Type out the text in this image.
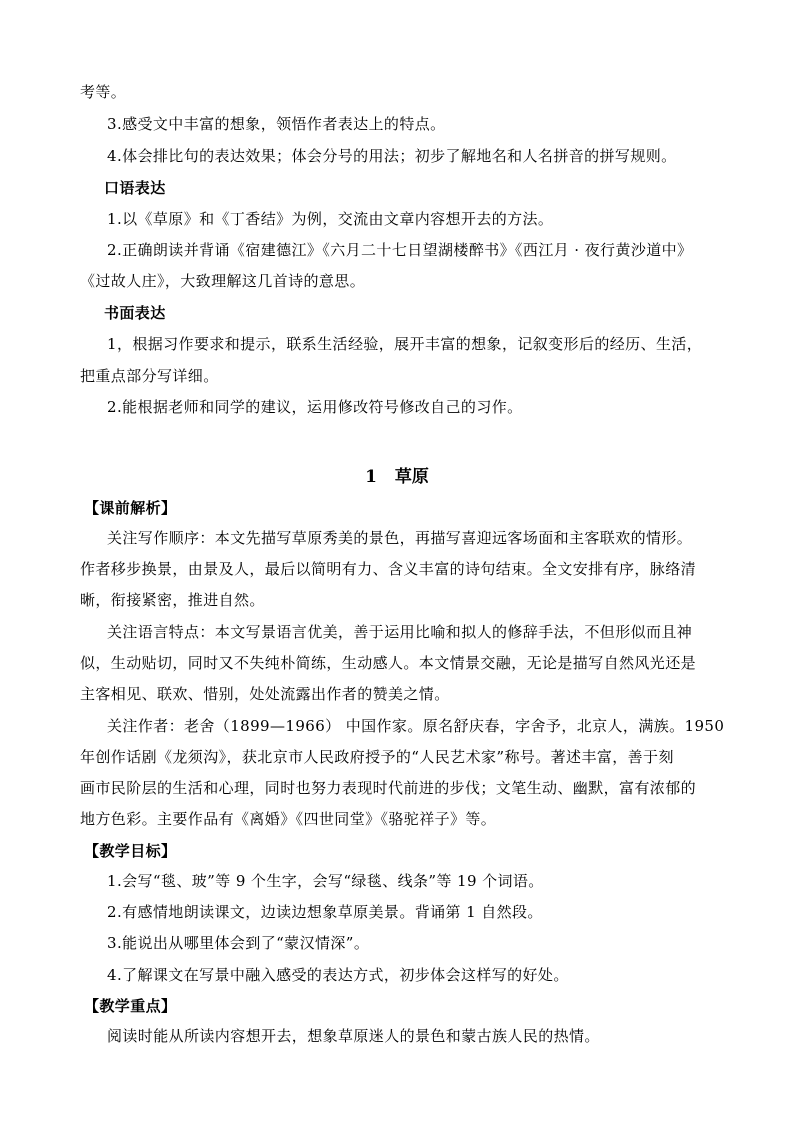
考等。
3.感受文中丰富的想象，领悟作者表达上的特点。
4.体会排比句的表达效果；体会分号的用法；初步了解地名和人名拼音的拼写规则。
口语表达
1.以《草原》和《丁香结》为例，交流由文章内容想开去的方法。
2.正确朗读并背诵《宿建德江》《六月二十七日望湖楼醉书》《西江月 · 夜行黄沙道中》
《过故人庄》，大致理解这几首诗的意思。
书面表达
1，根据习作要求和提示，联系生活经验，展开丰富的想象，记叙变形后的经历、生活，
把重点部分写详细。
2.能根据老师和同学的建议，运用修改符号修改自己的习作。
1 草原
【课前解析】
关注写作顺序：本文先描写草原秀美的景色，再描写喜迎远客场面和主客联欢的情形。
作者移步换景，由景及人，最后以简明有力、含义丰富的诗句结束。全文安排有序，脉络清
晰，衔接紧密，推进自然。
关注语言特点：本文写景语言优美，善于运用比喻和拟人的修辞手法，不但形似而且神
似，生动贴切，同时又不失纯朴简练，生动感人。本文情景交融，无论是描写自然风光还是
主客相见、联欢、惜别，处处流露出作者的赞美之情。
关注作者：老舍（1899—1966） 中国作家。原名舒庆春，字舍予，北京人，满族。1950
年创作话剧《龙须沟》，获北京市人民政府授予的“人民艺术家”称号。著述丰富，善于刻
画市民阶层的生活和心理，同时也努力表现时代前进的步伐；文笔生动、幽默，富有浓郁的
地方色彩。主要作品有《离婚》《四世同堂》《骆驼祥子》等。
【教学目标】
1.会写“毯、玻”等 9 个生字，会写“绿毯、线条”等 19 个词语。
2.有感情地朗读课文，边读边想象草原美景。背诵第 1 自然段。
3.能说出从哪里体会到了“蒙汉情深”。
4.了解课文在写景中融入感受的表达方式，初步体会这样写的好处。
【教学重点】
阅读时能从所读内容想开去，想象草原迷人的景色和蒙古族人民的热情。
